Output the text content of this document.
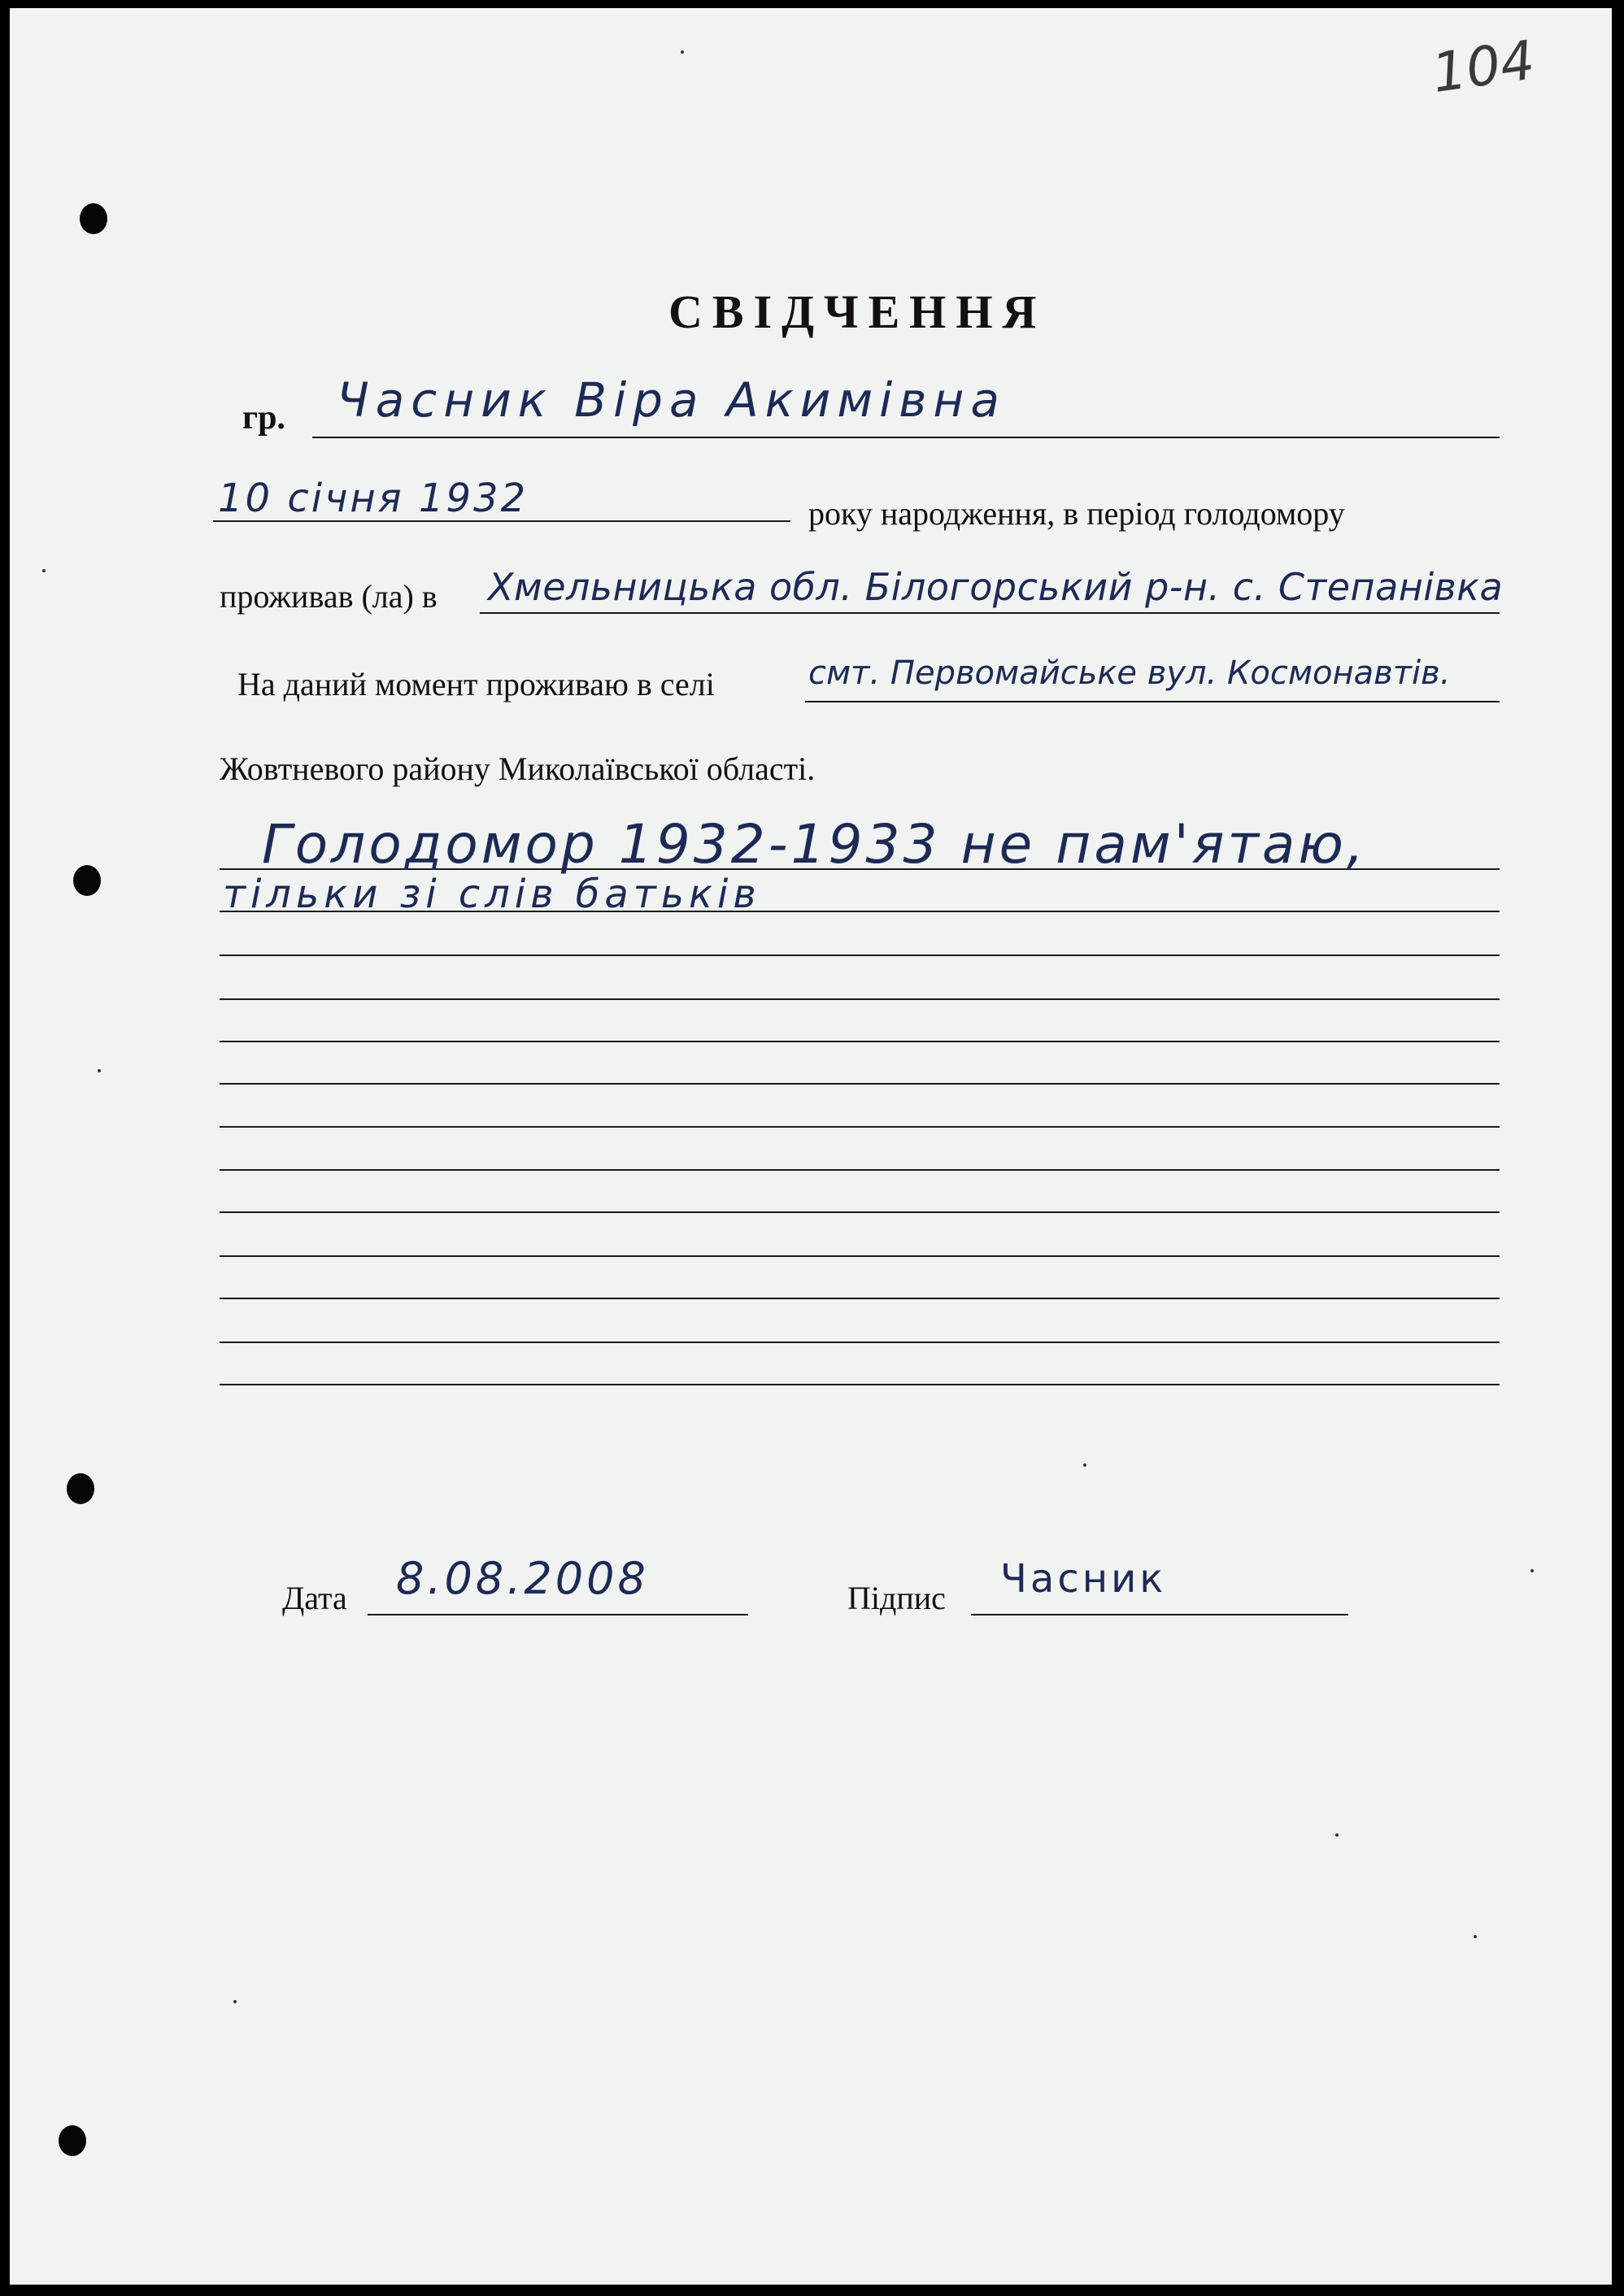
104
СВІДЧЕННЯ
гр. Часник Віра Акимівна
10 січня 1932	року народження, в період голодомору
проживав (ла) в Хмельницька обл. Білогорський р-н. с. Степанівка
На даний момент проживаю в селі	смт. Первомайське вул. Космонавтів.
Жовтневого району Миколаївської області.
Голодомор 1932-1933 не пам'ятаю,
тільки зі слів батьків
Дата 8.08.2008	Підпис Часник
